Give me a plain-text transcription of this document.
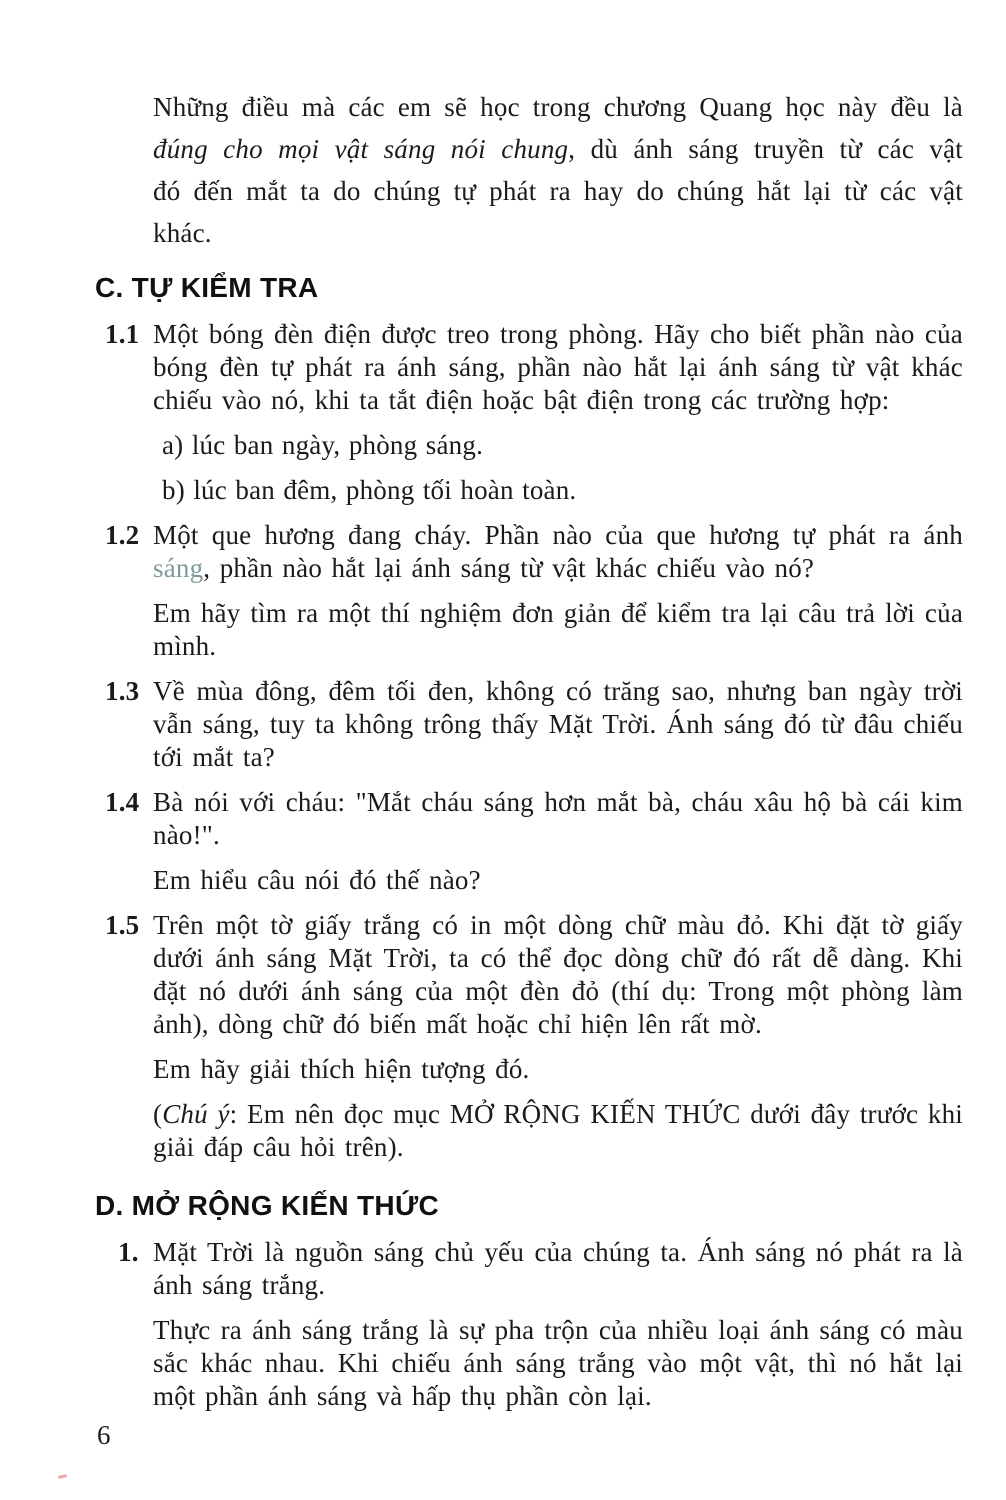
Những điều mà các em sẽ học trong chương Quang học này đều là đúng cho mọi vật sáng nói chung, dù ánh sáng truyền từ các vật đó đến mắt ta do chúng tự phát ra hay do chúng hắt lại từ các vật khác.

C. TỰ KIỂM TRA
1.1 Một bóng đèn điện được treo trong phòng. Hãy cho biết phần nào của bóng đèn tự phát ra ánh sáng, phần nào hắt lại ánh sáng từ vật khác chiếu vào nó, khi ta tắt điện hoặc bật điện trong các trường hợp:

a) lúc ban ngày, phòng sáng.

b) lúc ban đêm, phòng tối hoàn toàn.

1.2 Một que hương đang cháy. Phần nào của que hương tự phát ra ánh sáng, phần nào hắt lại ánh sáng từ vật khác chiếu vào nó?

Em hãy tìm ra một thí nghiệm đơn giản để kiểm tra lại câu trả lời của mình.

1.3 Về mùa đông, đêm tối đen, không có trăng sao, nhưng ban ngày trời vẫn sáng, tuy ta không trông thấy Mặt Trời. Ánh sáng đó từ đâu chiếu tới mắt ta?

1.4 Bà nói với cháu: "Mắt cháu sáng hơn mắt bà, cháu xâu hộ bà cái kim nào!".

Em hiểu câu nói đó thế nào?

1.5 Trên một tờ giấy trắng có in một dòng chữ màu đỏ. Khi đặt tờ giấy dưới ánh sáng Mặt Trời, ta có thể đọc dòng chữ đó rất dễ dàng. Khi đặt nó dưới ánh sáng của một đèn đỏ (thí dụ: Trong một phòng làm ảnh), dòng chữ đó biến mất hoặc chỉ hiện lên rất mờ.

Em hãy giải thích hiện tượng đó.

(Chú ý: Em nên đọc mục MỞ RỘNG KIẾN THỨC dưới đây trước khi giải đáp câu hỏi trên).

D. MỞ RỘNG KIẾN THỨC
1. Mặt Trời là nguồn sáng chủ yếu của chúng ta. Ánh sáng nó phát ra là ánh sáng trắng.

Thực ra ánh sáng trắng là sự pha trộn của nhiều loại ánh sáng có màu sắc khác nhau. Khi chiếu ánh sáng trắng vào một vật, thì nó hắt lại một phần ánh sáng và hấp thụ phần còn lại.

6
